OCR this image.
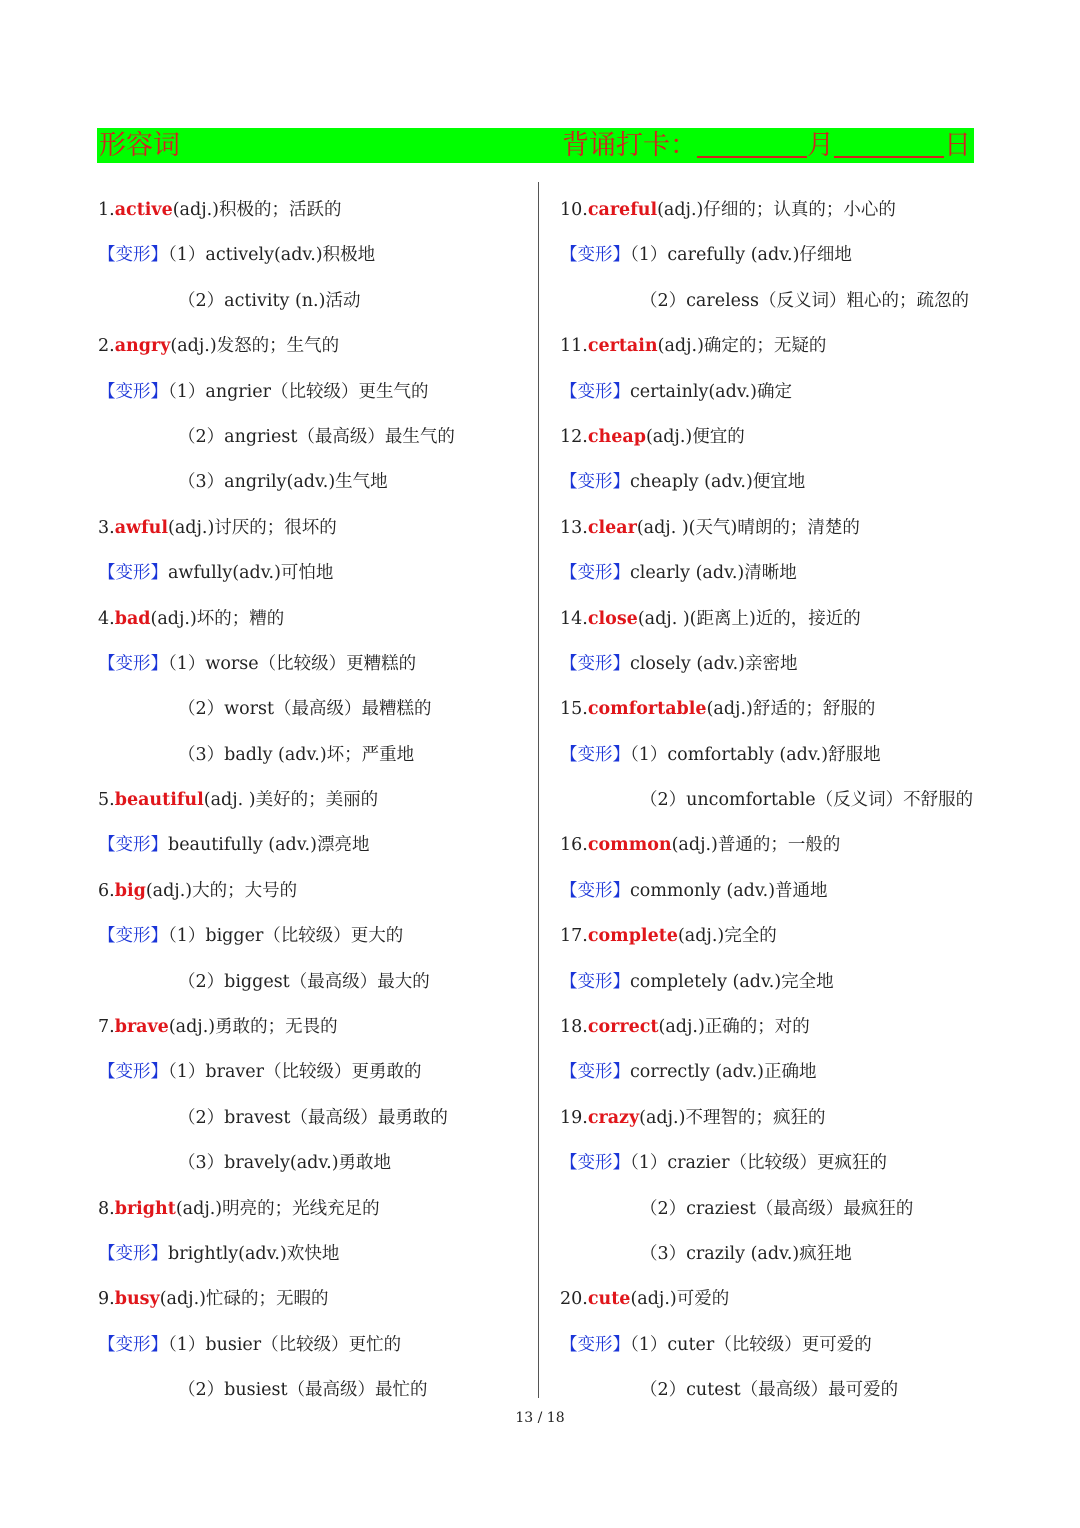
形容词	背诵打卡：	月	日
1.active(adj.)积极的；活跃的
【变形】（1）actively(adv.)积极地
（2）activity (n.)活动
2.angry(adj.)发怒的；生气的
【变形】（1）angrier（比较级）更生气的
（2）angriest（最高级）最生气的
（3）angrily(adv.)生气地
3.awful(adj.)讨厌的；很坏的
【变形】awfully(adv.)可怕地
4.bad(adj.)坏的；糟的
【变形】（1）worse（比较级）更糟糕的
（2）worst（最高级）最糟糕的
（3）badly (adv.)坏；严重地
5.beautiful(adj. )美好的；美丽的
【变形】beautifully (adv.)漂亮地
6.big(adj.)大的；大号的
【变形】（1）bigger（比较级）更大的
（2）biggest（最高级）最大的
7.brave(adj.)勇敢的；无畏的
【变形】（1）braver（比较级）更勇敢的
（2）bravest（最高级）最勇敢的
（3）bravely(adv.)勇敢地
8.bright(adj.)明亮的；光线充足的
【变形】brightly(adv.)欢快地
9.busy(adj.)忙碌的；无暇的
【变形】（1）busier（比较级）更忙的
（2）busiest（最高级）最忙的
10.careful(adj.)仔细的；认真的；小心的
【变形】（1）carefully (adv.)仔细地
（2）careless（反义词）粗心的；疏忽的
11.certain(adj.)确定的；无疑的
【变形】certainly(adv.)确定
12.cheap(adj.)便宜的
【变形】cheaply (adv.)便宜地
13.clear(adj. )(天气)晴朗的；清楚的
【变形】clearly (adv.)清晰地
14.close(adj. )(距离上)近的，接近的
【变形】closely (adv.)亲密地
15.comfortable(adj.)舒适的；舒服的
【变形】（1）comfortably (adv.)舒服地
（2）uncomfortable（反义词）不舒服的
16.common(adj.)普通的；一般的
【变形】commonly (adv.)普通地
17.complete(adj.)完全的
【变形】completely (adv.)完全地
18.correct(adj.)正确的；对的
【变形】correctly (adv.)正确地
19.crazy(adj.)不理智的；疯狂的
【变形】（1）crazier（比较级）更疯狂的
（2）craziest（最高级）最疯狂的
（3）crazily (adv.)疯狂地
20.cute(adj.)可爱的
【变形】（1）cuter（比较级）更可爱的
（2）cutest（最高级）最可爱的
13 / 18
